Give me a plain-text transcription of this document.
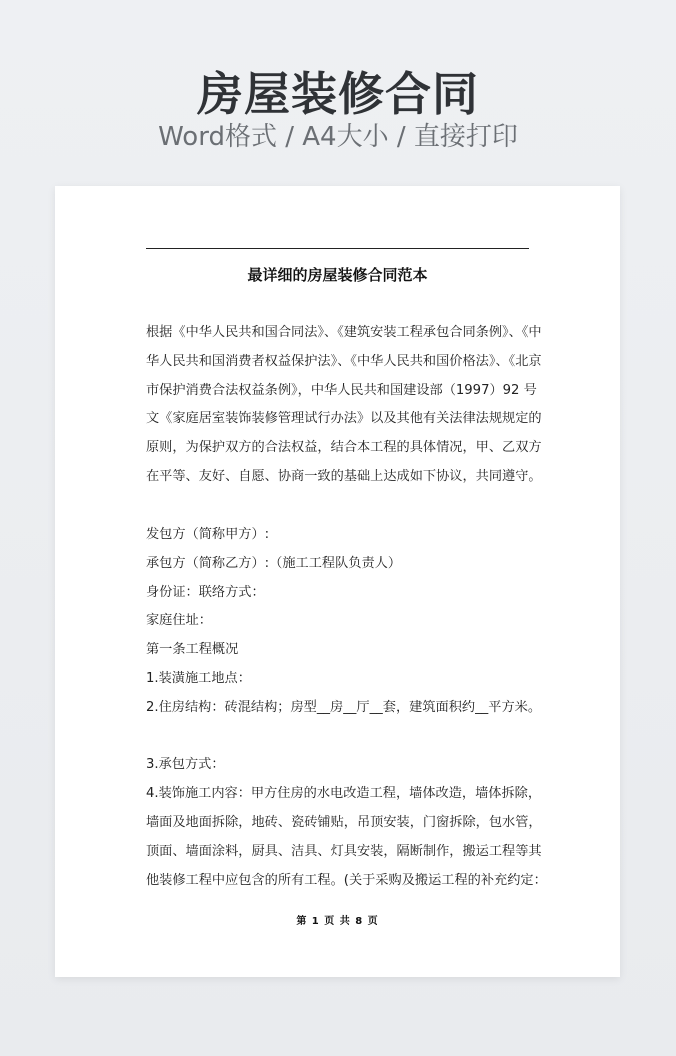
房屋装修合同
Word格式 / A4大小 / 直接打印
最详细的房屋装修合同范本
根据《中华人民共和国合同法》、《建筑安装工程承包合同条例》、《中
华人民共和国消费者权益保护法》、《中华人民共和国价格法》、《北京
市保护消费合法权益条例》，中华人民共和国建设部（1997）92 号
文《家庭居室装饰装修管理试行办法》以及其他有关法律法规规定的
原则，为保护双方的合法权益，结合本工程的具体情况，甲、乙双方
在平等、友好、自愿、协商一致的基础上达成如下协议，共同遵守。
发包方（简称甲方）:
承包方（简称乙方）:（施工工程队负责人）
身份证：联络方式：
家庭住址：
第一条工程概况
1.装潢施工地点：
2.住房结构：砖混结构；房型__房__厅__套，建筑面积约__平方米。
3.承包方式：
4.装饰施工内容：甲方住房的水电改造工程，墙体改造，墙体拆除，
墙面及地面拆除，地砖、瓷砖铺贴，吊顶安装，门窗拆除，包水管，
顶面、墙面涂料，厨具、洁具、灯具安装，隔断制作，搬运工程等其
他装修工程中应包含的所有工程。(关于采购及搬运工程的补充约定：
第 1 页 共 8 页
